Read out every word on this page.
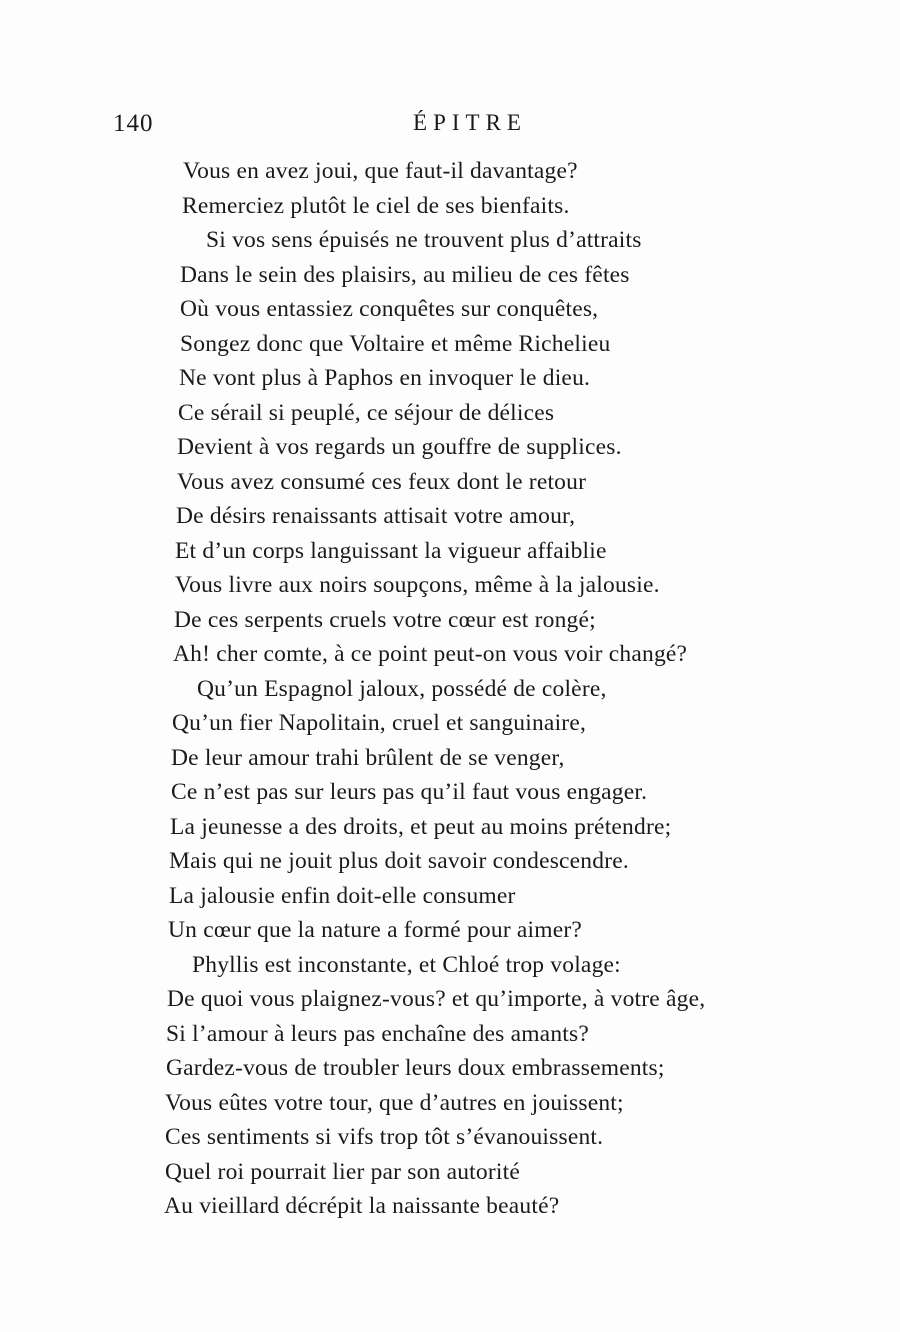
140	ÉPITRE
Vous en avez joui, que faut-il davantage?
Remerciez plutôt le ciel de ses bienfaits.
Si vos sens épuisés ne trouvent plus d’attraits
Dans le sein des plaisirs, au milieu de ces fêtes
Où vous entassiez conquêtes sur conquêtes,
Songez donc que Voltaire et même Richelieu
Ne vont plus à Paphos en invoquer le dieu.
Ce sérail si peuplé, ce séjour de délices
Devient à vos regards un gouffre de supplices.
Vous avez consumé ces feux dont le retour
De désirs renaissants attisait votre amour,
Et d’un corps languissant la vigueur affaiblie
Vous livre aux noirs soupçons, même à la jalousie.
De ces serpents cruels votre cœur est rongé;
Ah! cher comte, à ce point peut-on vous voir changé?
Qu’un Espagnol jaloux, possédé de colère,
Qu’un fier Napolitain, cruel et sanguinaire,
De leur amour trahi brûlent de se venger,
Ce n’est pas sur leurs pas qu’il faut vous engager.
La jeunesse a des droits, et peut au moins prétendre;
Mais qui ne jouit plus doit savoir condescendre.
La jalousie enfin doit-elle consumer
Un cœur que la nature a formé pour aimer?
Phyllis est inconstante, et Chloé trop volage:
De quoi vous plaignez-vous? et qu’importe, à votre âge,
Si l’amour à leurs pas enchaîne des amants?
Gardez-vous de troubler leurs doux embrassements;
Vous eûtes votre tour, que d’autres en jouissent;
Ces sentiments si vifs trop tôt s’évanouissent.
Quel roi pourrait lier par son autorité
Au vieillard décrépit la naissante beauté?
